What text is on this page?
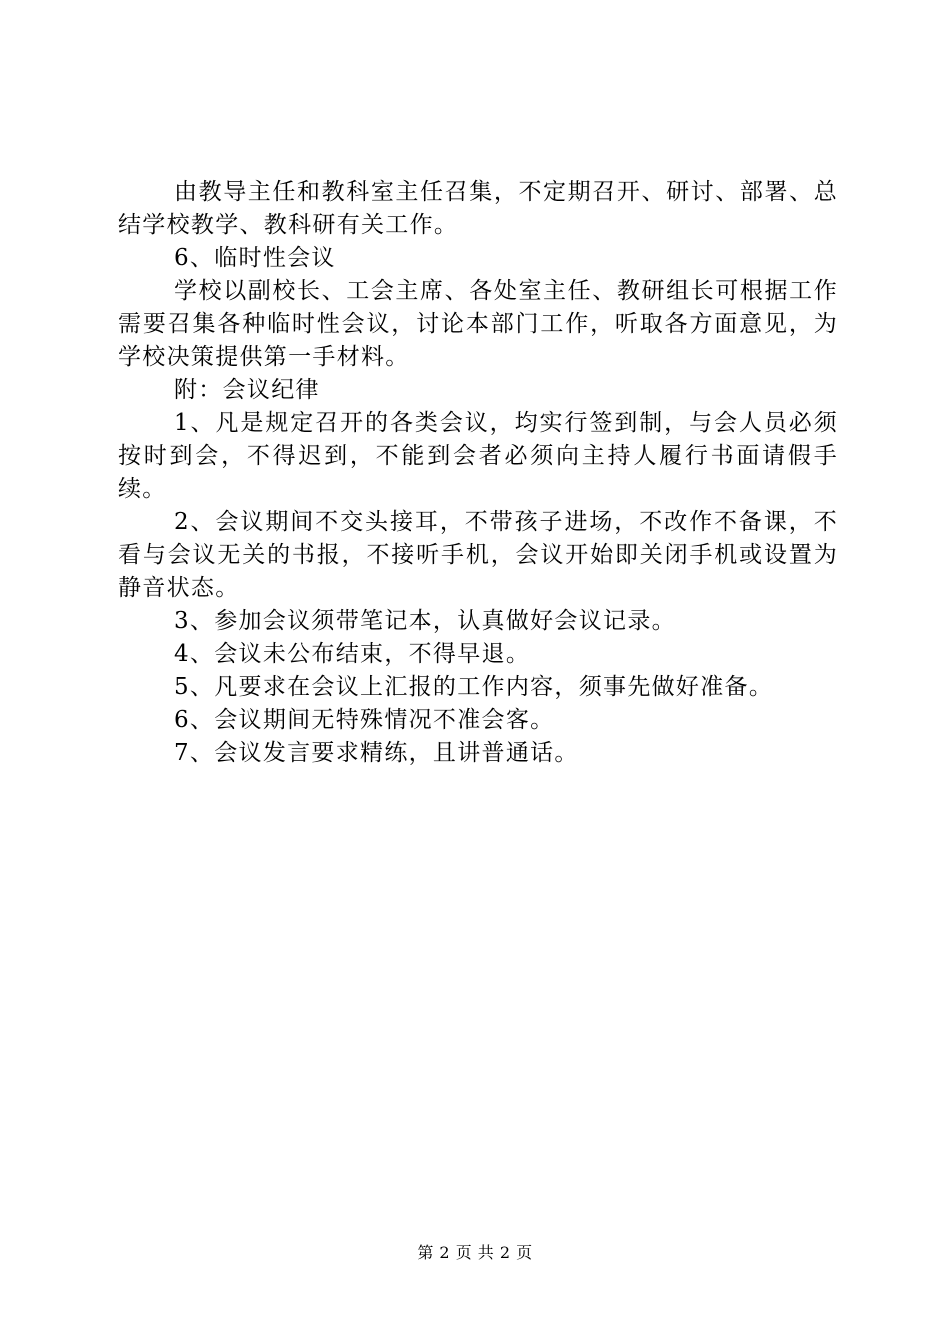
由教导主任和教科室主任召集，不定期召开、研讨、部署、总结学校教学、教科研有关工作。

6、临时性会议

学校以副校长、工会主席、各处室主任、教研组长可根据工作需要召集各种临时性会议，讨论本部门工作，听取各方面意见，为学校决策提供第一手材料。

附：会议纪律

1、凡是规定召开的各类会议，均实行签到制，与会人员必须按时到会，不得迟到，不能到会者必须向主持人履行书面请假手续。

2、会议期间不交头接耳，不带孩子进场，不改作不备课，不看与会议无关的书报，不接听手机，会议开始即关闭手机或设置为静音状态。

3、参加会议须带笔记本，认真做好会议记录。

4、会议未公布结束，不得早退。

5、凡要求在会议上汇报的工作内容，须事先做好准备。

6、会议期间无特殊情况不准会客。

7、会议发言要求精练，且讲普通话。

第 2 页 共 2 页
